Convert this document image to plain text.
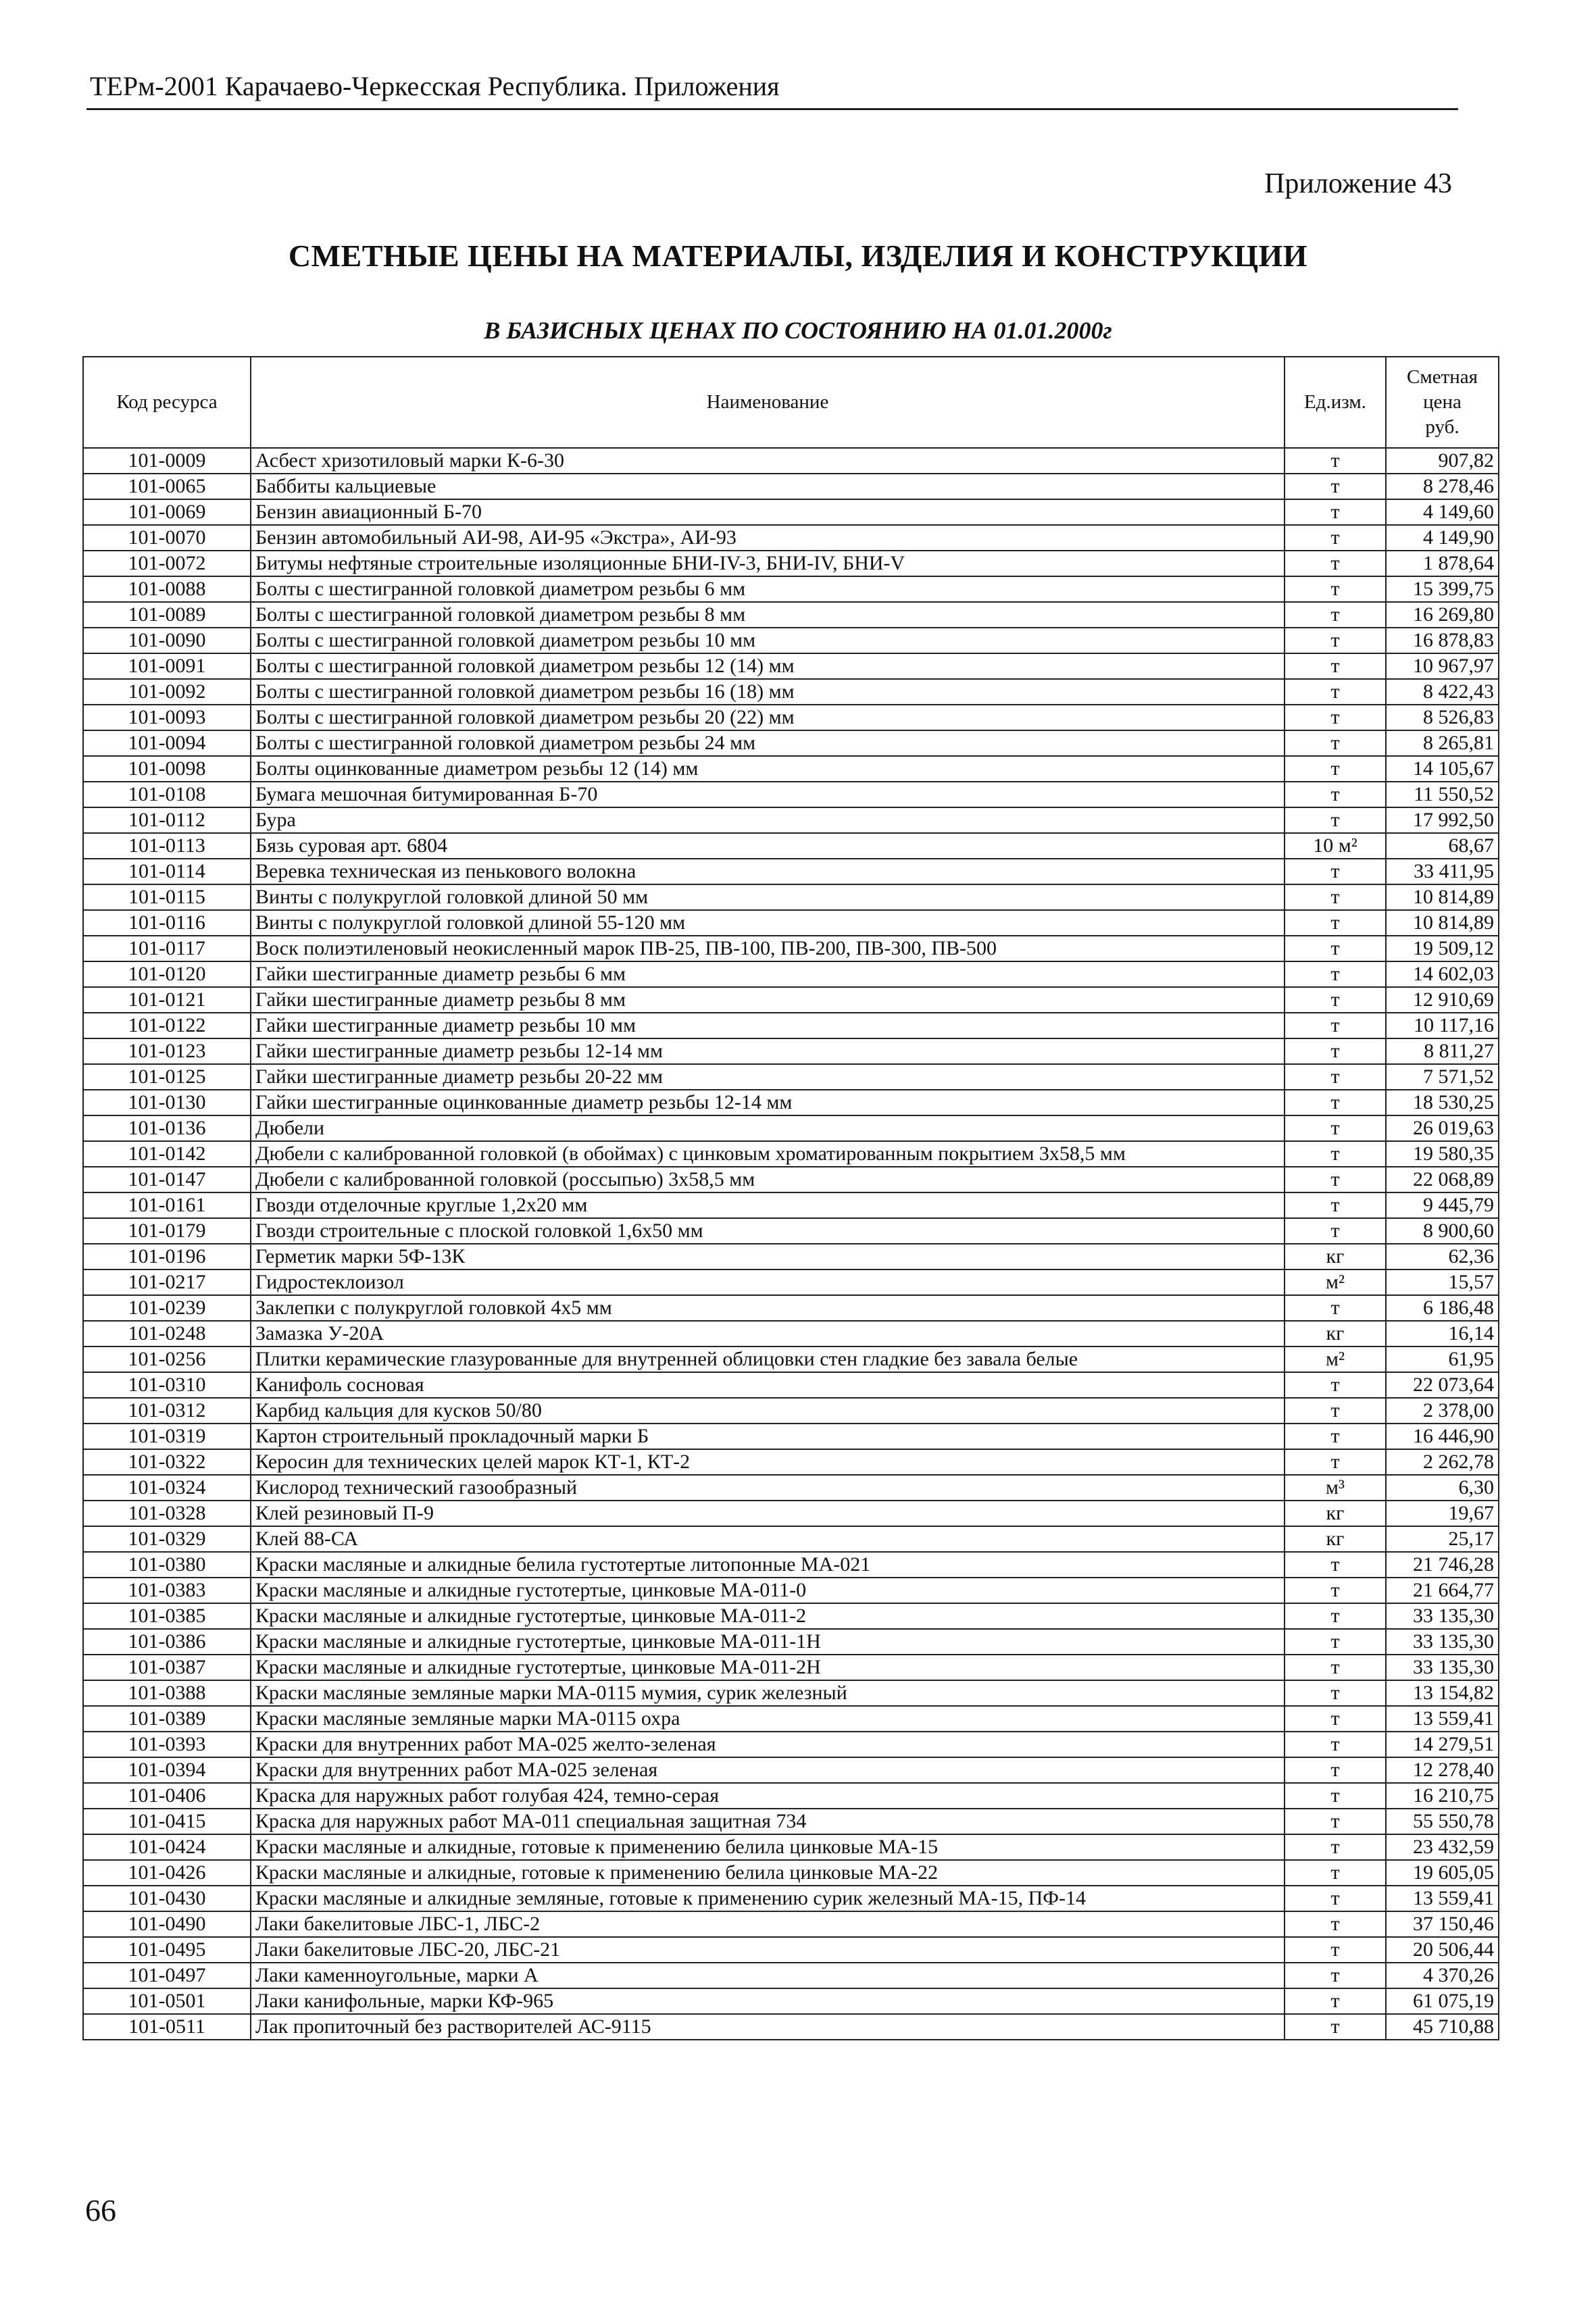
ТЕРм-2001 Карачаево-Черкесская Республика. Приложения
Приложение 43
СМЕТНЫЕ ЦЕНЫ НА МАТЕРИАЛЫ, ИЗДЕЛИЯ И КОНСТРУКЦИИ
В БАЗИСНЫХ ЦЕНАХ ПО СОСТОЯНИЮ НА 01.01.2000г
Код ресурса	Наименование	Ед.изм.	Сметная
цена
руб.
101-0009	Асбест хризотиловый марки К-6-30	т	907,82
101-0065	Баббиты кальциевые	т	8 278,46
101-0069	Бензин авиационный Б-70	т	4 149,60
101-0070	Бензин автомобильный АИ-98, АИ-95 «Экстра», АИ-93	т	4 149,90
101-0072	Битумы нефтяные строительные изоляционные БНИ-IV-3, БНИ-IV, БНИ-V	т	1 878,64
101-0088	Болты с шестигранной головкой диаметром резьбы 6 мм	т	15 399,75
101-0089	Болты с шестигранной головкой диаметром резьбы 8 мм	т	16 269,80
101-0090	Болты с шестигранной головкой диаметром резьбы 10 мм	т	16 878,83
101-0091	Болты с шестигранной головкой диаметром резьбы 12 (14) мм	т	10 967,97
101-0092	Болты с шестигранной головкой диаметром резьбы 16 (18) мм	т	8 422,43
101-0093	Болты с шестигранной головкой диаметром резьбы 20 (22) мм	т	8 526,83
101-0094	Болты с шестигранной головкой диаметром резьбы 24 мм	т	8 265,81
101-0098	Болты оцинкованные диаметром резьбы 12 (14) мм	т	14 105,67
101-0108	Бумага мешочная битумированная Б-70	т	11 550,52
101-0112	Бура	т	17 992,50
101-0113	Бязь суровая арт. 6804	10 м²	68,67
101-0114	Веревка техническая из пенькового волокна	т	33 411,95
101-0115	Винты с полукруглой головкой длиной 50 мм	т	10 814,89
101-0116	Винты с полукруглой головкой длиной 55-120 мм	т	10 814,89
101-0117	Воск полиэтиленовый неокисленный марок ПВ-25, ПВ-100, ПВ-200, ПВ-300, ПВ-500	т	19 509,12
101-0120	Гайки шестигранные диаметр резьбы 6 мм	т	14 602,03
101-0121	Гайки шестигранные диаметр резьбы 8 мм	т	12 910,69
101-0122	Гайки шестигранные диаметр резьбы 10 мм	т	10 117,16
101-0123	Гайки шестигранные диаметр резьбы 12-14 мм	т	8 811,27
101-0125	Гайки шестигранные диаметр резьбы 20-22 мм	т	7 571,52
101-0130	Гайки шестигранные оцинкованные диаметр резьбы 12-14 мм	т	18 530,25
101-0136	Дюбели	т	26 019,63
101-0142	Дюбели с калиброванной головкой (в обоймах) с цинковым хроматированным покрытием 3х58,5 мм	т	19 580,35
101-0147	Дюбели с калиброванной головкой (россыпью) 3х58,5 мм	т	22 068,89
101-0161	Гвозди отделочные круглые 1,2х20 мм	т	9 445,79
101-0179	Гвозди строительные с плоской головкой 1,6х50 мм	т	8 900,60
101-0196	Герметик марки 5Ф-13К	кг	62,36
101-0217	Гидростеклоизол	м²	15,57
101-0239	Заклепки с полукруглой головкой 4х5 мм	т	6 186,48
101-0248	Замазка У-20А	кг	16,14
101-0256	Плитки керамические глазурованные для внутренней облицовки стен гладкие без завала белые	м²	61,95
101-0310	Канифоль сосновая	т	22 073,64
101-0312	Карбид кальция для кусков 50/80	т	2 378,00
101-0319	Картон строительный прокладочный марки Б	т	16 446,90
101-0322	Керосин для технических целей марок КТ-1, КТ-2	т	2 262,78
101-0324	Кислород технический газообразный	м³	6,30
101-0328	Клей резиновый П-9	кг	19,67
101-0329	Клей 88-СА	кг	25,17
101-0380	Краски масляные и алкидные белила густотертые литопонные МА-021	т	21 746,28
101-0383	Краски масляные и алкидные густотертые, цинковые МА-011-0	т	21 664,77
101-0385	Краски масляные и алкидные густотертые, цинковые МА-011-2	т	33 135,30
101-0386	Краски масляные и алкидные густотертые, цинковые МА-011-1Н	т	33 135,30
101-0387	Краски масляные и алкидные густотертые, цинковые МА-011-2Н	т	33 135,30
101-0388	Краски масляные земляные марки МА-0115 мумия, сурик железный	т	13 154,82
101-0389	Краски масляные земляные марки МА-0115 охра	т	13 559,41
101-0393	Краски для внутренних работ МА-025 желто-зеленая	т	14 279,51
101-0394	Краски для внутренних работ МА-025 зеленая	т	12 278,40
101-0406	Краска для наружных работ голубая 424, темно-серая	т	16 210,75
101-0415	Краска для наружных работ МА-011 специальная защитная 734	т	55 550,78
101-0424	Краски масляные и алкидные, готовые к применению белила цинковые МА-15	т	23 432,59
101-0426	Краски масляные и алкидные, готовые к применению белила цинковые МА-22	т	19 605,05
101-0430	Краски масляные и алкидные земляные, готовые к применению сурик железный МА-15, ПФ-14	т	13 559,41
101-0490	Лаки бакелитовые ЛБС-1, ЛБС-2	т	37 150,46
101-0495	Лаки бакелитовые ЛБС-20, ЛБС-21	т	20 506,44
101-0497	Лаки каменноугольные, марки А	т	4 370,26
101-0501	Лаки канифольные, марки КФ-965	т	61 075,19
101-0511	Лак пропиточный без растворителей АС-9115	т	45 710,88
66
